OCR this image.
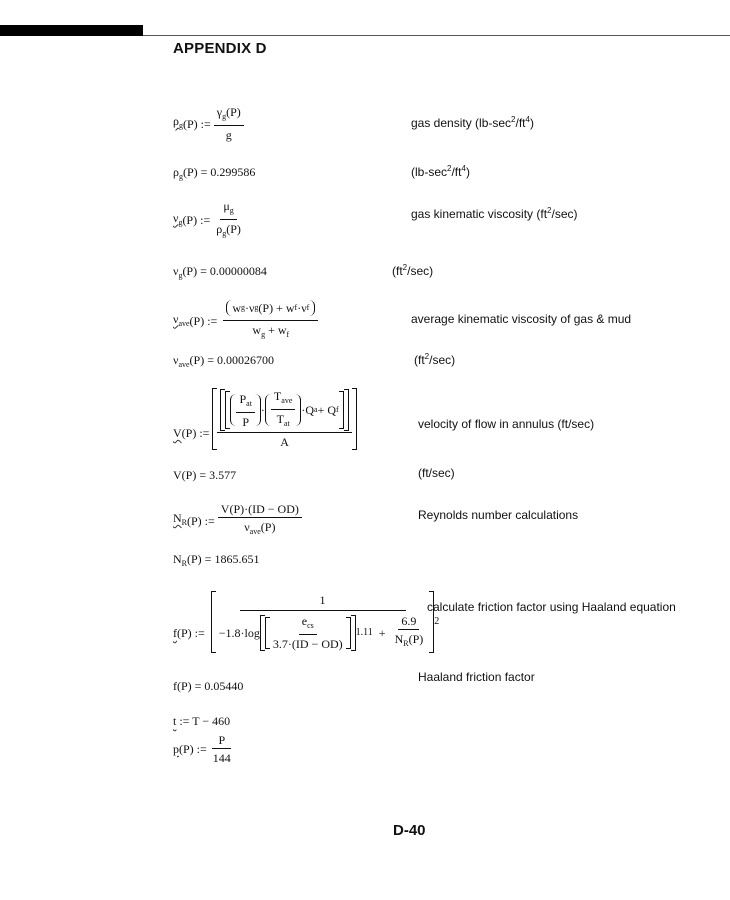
APPENDIX D
$\rho_g$ (P) :=
$\frac{\gamma_g(P)}{g}$	gas density $(lb-\sec^2/ft^4)$
$\rho_g(P) = 0.299586$	$(lb-\sec^2/ft^4)$
$\nu_g$ (P) :=
$\frac{\mu_g}{\rho_g(P)}$	gas kinematic viscosity $(ft^2/\sec)$
$\nu_g(P) = 0.00000084$	$(ft^2/\sec)$
$\nu_{ave}$ (P) :=
$\frac{\text{w g ·ν g (P) + w f ·ν f}}{w_g + w_f}$	average kinematic viscosity of gas & mud
$\nu_{ave}(P) = 0.00026700$	$(ft^2/\sec)$
V(P) :=
$\frac{\frac{P_{at}}{P} \cdot \frac{T_{ave}}{T_{at}} \cdot Q a + Q f}{A}$	velocity of flow in annulus (ft/sec)
V(P) = 3.577	(ft/sec)
$N_R$ (P) :=
$\frac{V(P)\cdot(ID - OD)}{\nu_{ave}(P)}$	Reynolds number calculations
$N_R(P) = 1865.651$
f(P) :=

1
$-1.8\cdot\log \frac{e_{cs}}{3.7\cdot(ID - OD)} 1.11$
+
$\frac{6.9}{N_R(P)} 2$
calculate friction factor using Haaland equation
Haaland friction factor
f(P) = 0.05440
t := T − 460
p (P) :=
$\frac{P}{144}$
D-40
